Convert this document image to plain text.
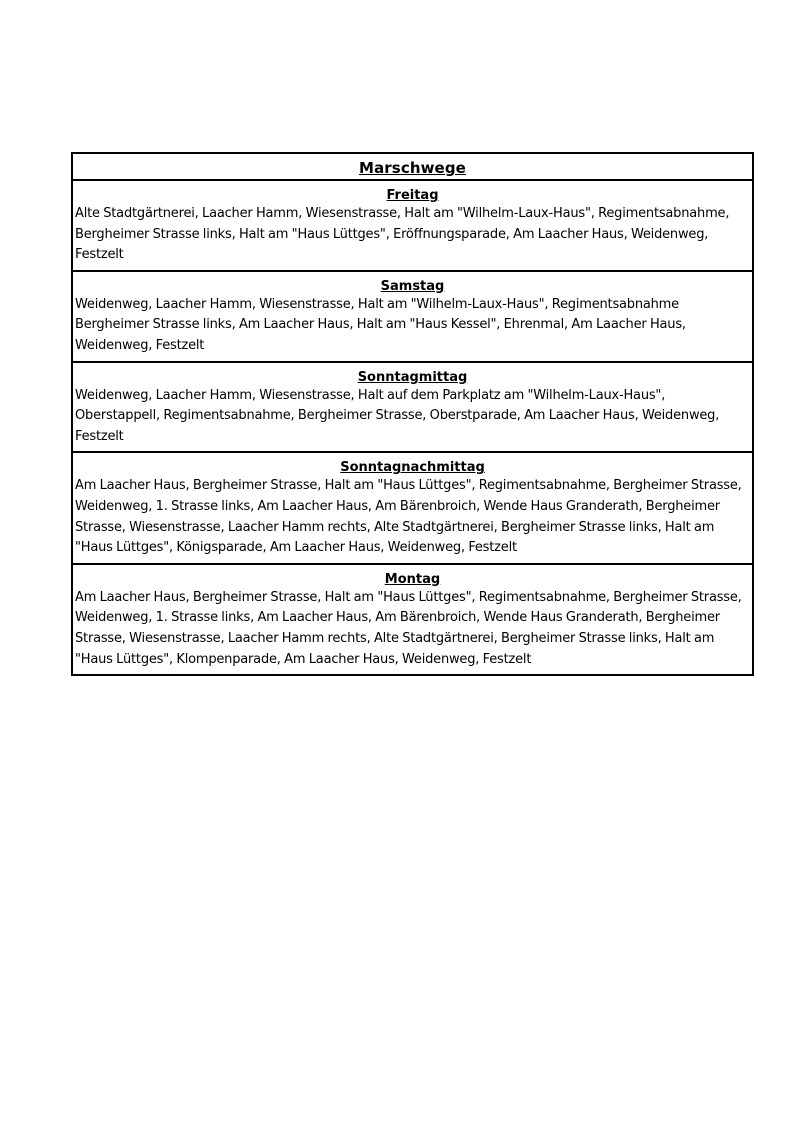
Marschwege
Freitag
Alte Stadtgärtnerei, Laacher Hamm, Wiesenstrasse, Halt am "Wilhelm-Laux-Haus", Regimentsabnahme, Bergheimer Strasse links, Halt am "Haus Lüttges", Eröffnungsparade, Am Laacher Haus, Weidenweg, Festzelt
Samstag
Weidenweg, Laacher Hamm, Wiesenstrasse, Halt am "Wilhelm-Laux-Haus", Regimentsabnahme Bergheimer Strasse links, Am Laacher Haus, Halt am "Haus Kessel", Ehrenmal, Am Laacher Haus, Weidenweg, Festzelt
Sonntagmittag
Weidenweg, Laacher Hamm, Wiesenstrasse, Halt auf dem Parkplatz am "Wilhelm-Laux-Haus", Oberstappell, Regimentsabnahme, Bergheimer Strasse, Oberstparade, Am Laacher Haus, Weidenweg, Festzelt
Sonntagnachmittag
Am Laacher Haus, Bergheimer Strasse, Halt am "Haus Lüttges", Regimentsabnahme, Bergheimer Strasse, Weidenweg, 1. Strasse links, Am Laacher Haus, Am Bärenbroich, Wende Haus Granderath, Bergheimer Strasse, Wiesenstrasse, Laacher Hamm rechts, Alte Stadtgärtnerei, Bergheimer Strasse links, Halt am "Haus Lüttges", Königsparade, Am Laacher Haus, Weidenweg, Festzelt
Montag
Am Laacher Haus, Bergheimer Strasse, Halt am "Haus Lüttges", Regimentsabnahme, Bergheimer Strasse, Weidenweg, 1. Strasse links, Am Laacher Haus, Am Bärenbroich, Wende Haus Granderath, Bergheimer Strasse, Wiesenstrasse, Laacher Hamm rechts, Alte Stadtgärtnerei, Bergheimer Strasse links, Halt am "Haus Lüttges", Klompenparade, Am Laacher Haus, Weidenweg, Festzelt
